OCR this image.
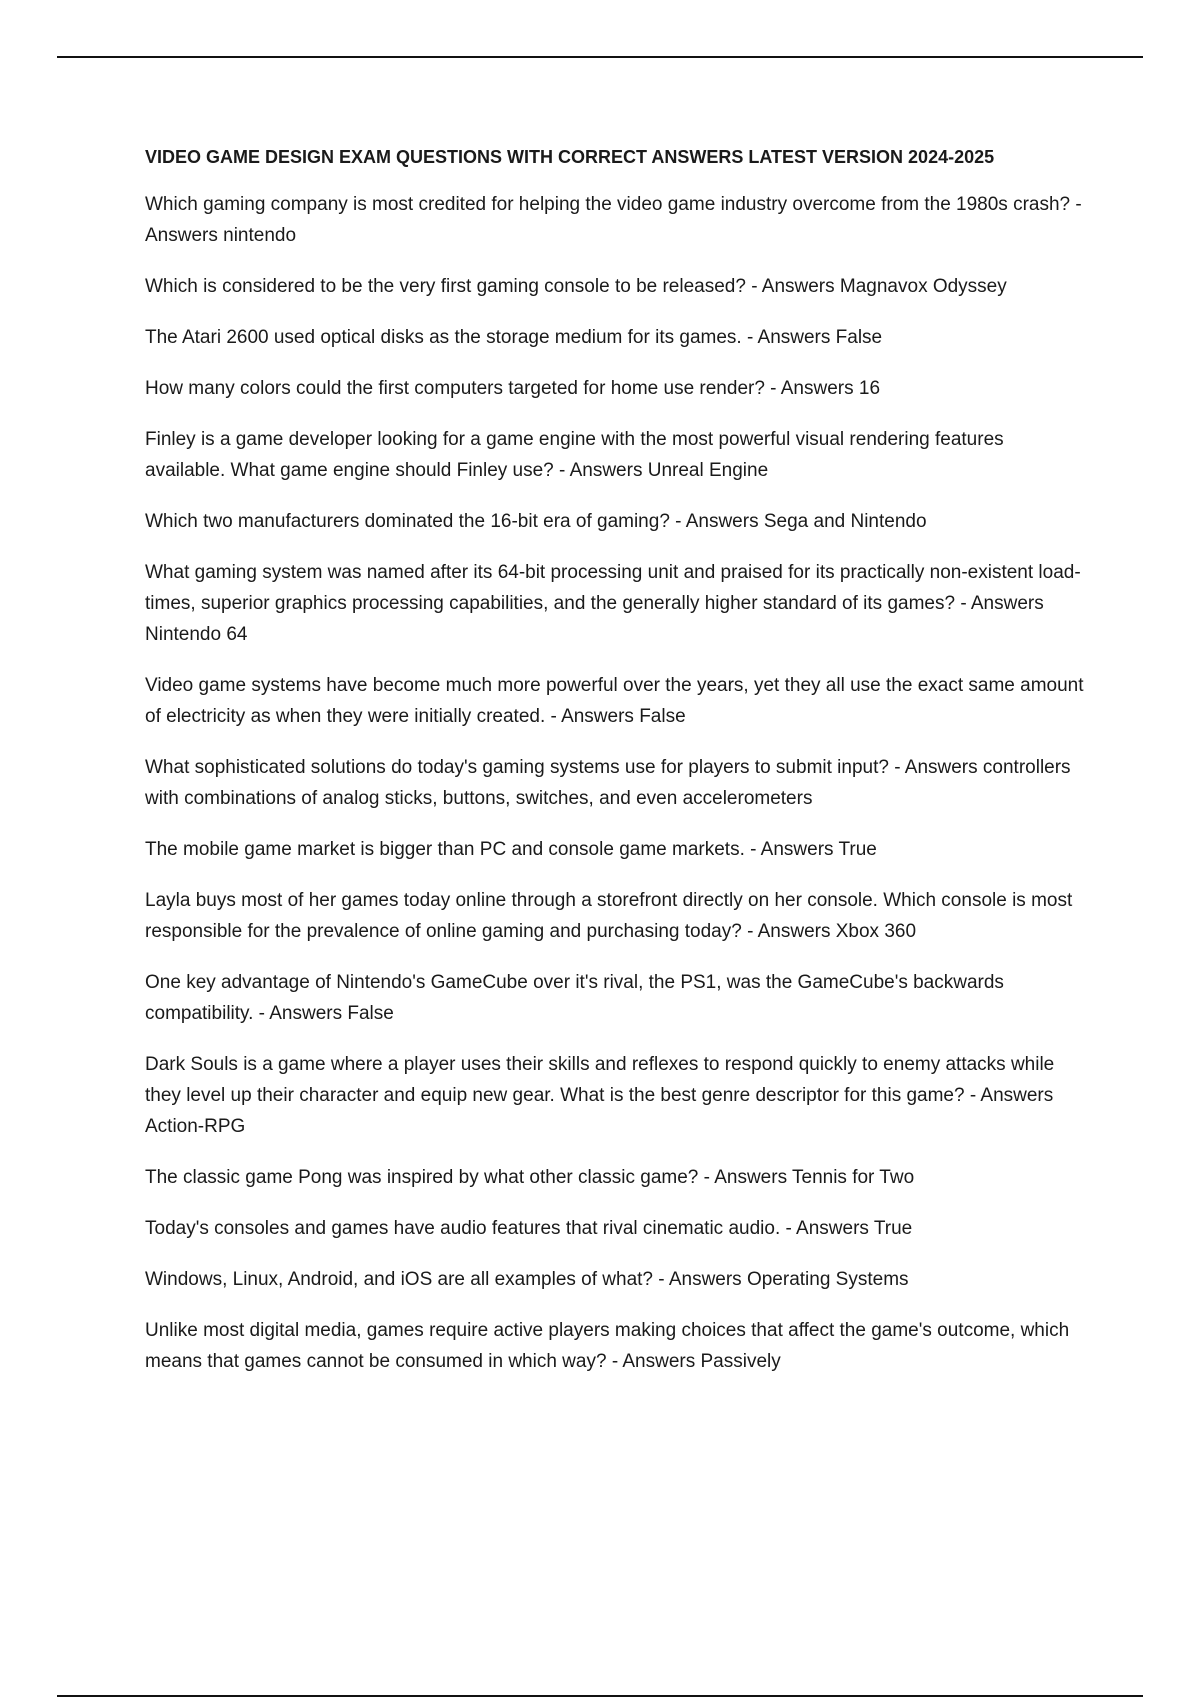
VIDEO GAME DESIGN EXAM QUESTIONS WITH CORRECT ANSWERS LATEST VERSION 2024-2025

Which gaming company is most credited for helping the video game industry overcome from the 1980s crash? - Answers nintendo

Which is considered to be the very first gaming console to be released? - Answers Magnavox Odyssey

The Atari 2600 used optical disks as the storage medium for its games. - Answers False

How many colors could the first computers targeted for home use render? - Answers 16

Finley is a game developer looking for a game engine with the most powerful visual rendering features available. What game engine should Finley use? - Answers Unreal Engine

Which two manufacturers dominated the 16-bit era of gaming? - Answers Sega and Nintendo

What gaming system was named after its 64-bit processing unit and praised for its practically non-existent load-times, superior graphics processing capabilities, and the generally higher standard of its games? - Answers Nintendo 64

Video game systems have become much more powerful over the years, yet they all use the exact same amount of electricity as when they were initially created. - Answers False

What sophisticated solutions do today's gaming systems use for players to submit input? - Answers controllers with combinations of analog sticks, buttons, switches, and even accelerometers

The mobile game market is bigger than PC and console game markets. - Answers True

Layla buys most of her games today online through a storefront directly on her console. Which console is most responsible for the prevalence of online gaming and purchasing today? - Answers Xbox 360

One key advantage of Nintendo's GameCube over it's rival, the PS1, was the GameCube's backwards compatibility. - Answers False

Dark Souls is a game where a player uses their skills and reflexes to respond quickly to enemy attacks while they level up their character and equip new gear. What is the best genre descriptor for this game? - Answers Action-RPG

The classic game Pong was inspired by what other classic game? - Answers Tennis for Two

Today's consoles and games have audio features that rival cinematic audio. - Answers True

Windows, Linux, Android, and iOS are all examples of what? - Answers Operating Systems

Unlike most digital media, games require active players making choices that affect the game's outcome, which means that games cannot be consumed in which way? - Answers Passively
